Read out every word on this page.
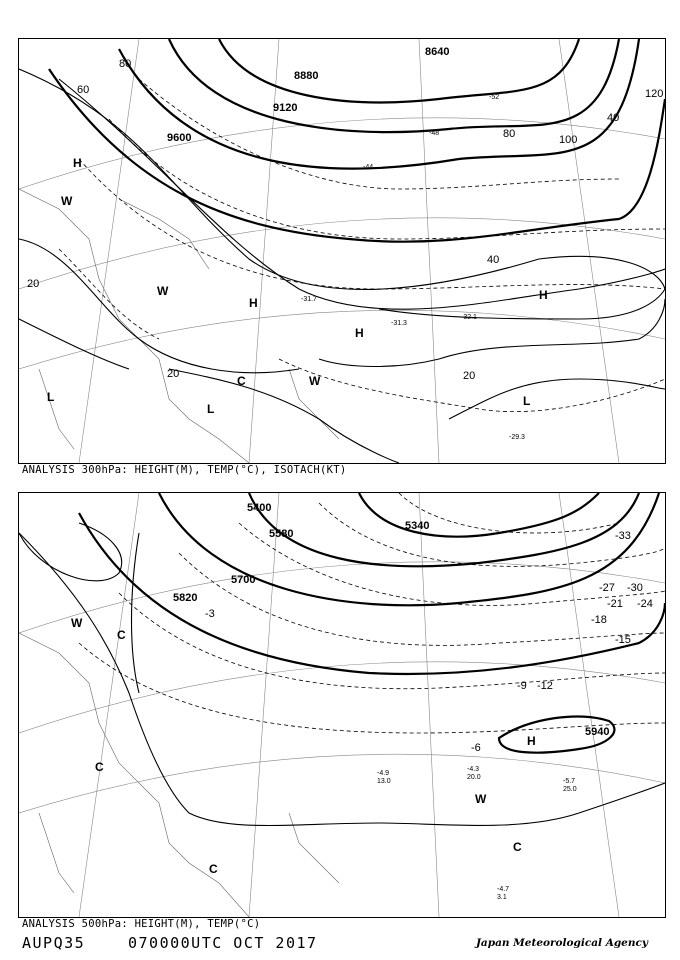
8640
8880
9120
9600
20
20	20
40
40
60
80
80	100
120
-44
-48
-52
-31.3
-32.1
-29.3
-31.7
H
H
H
H
L
L
L
W
W
W
C
ANALYSIS 300hPa: HEIGHT(M), TEMP(°C), ISOTACH(KT)
5400
5340
5580
5700
5820
5940
-33
-30
-27
-24
-21
-18
-15
-12
-9
-6
-3
-5.7
25.0
-4.3
20.0
-4.9
13.0
-4.7
3.1
H
W
W
C
C
C
C
ANALYSIS 500hPa: HEIGHT(M), TEMP(°C)
AUPQ35	070000UTC OCT 2017	Japan Meteorological Agency
